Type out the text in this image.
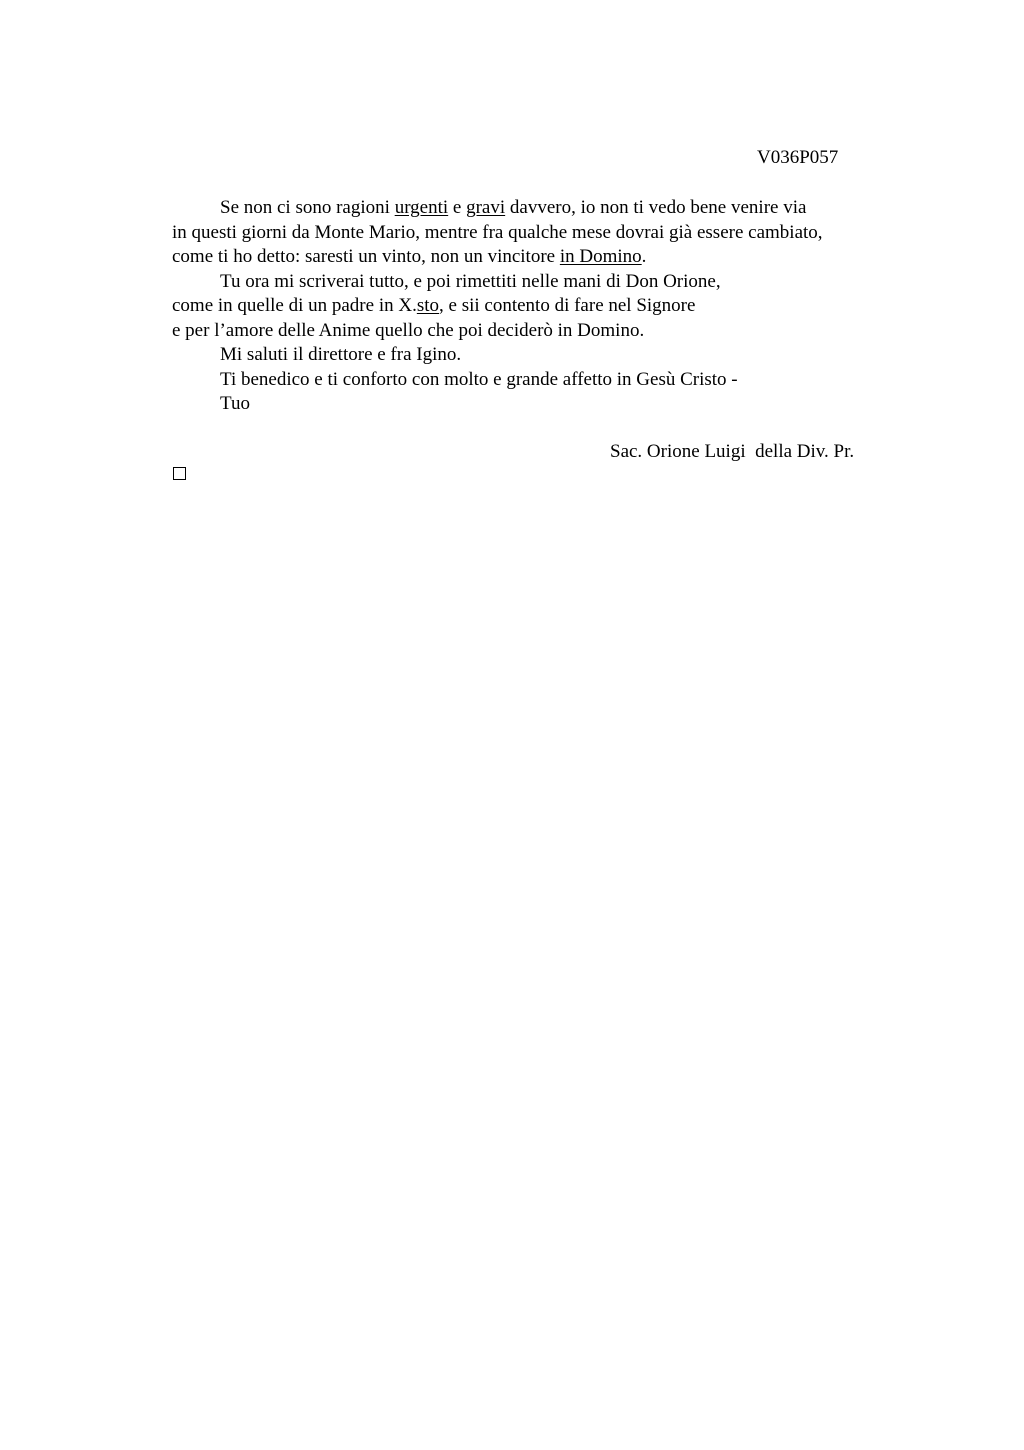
V036P057
Se non ci sono ragioni urgenti e gravi davvero, io non ti vedo bene venire via
in questi giorni da Monte Mario, mentre fra qualche mese dovrai già essere cambiato,
come ti ho detto: saresti un vinto, non un vincitore in Domino.
Tu ora mi scriverai tutto, e poi rimettiti nelle mani di Don Orione,
come in quelle di un padre in X.sto, e sii contento di fare nel Signore
e per l’amore delle Anime quello che poi deciderò in Domino.
Mi saluti il direttore e fra Igino.
Ti benedico e ti conforto con molto e grande affetto in Gesù Cristo -
Tuo
Sac. Orione Luigi  della Div. Pr.
